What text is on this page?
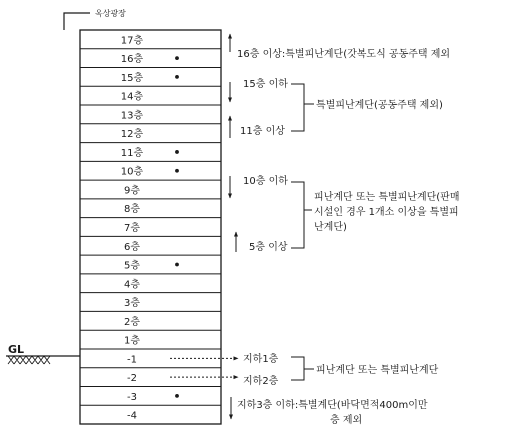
옥상광장
17층
16층
15층
14층
13층
12층
11층
10층
9층
8층
7층
6층
5층
4층
3층
2층
1층
-1
-2
-3
-4
GL
16층 이상:특별피난계단(갓복도식 공동주택 제외
15층 이하
특별피난계단(공동주택 제외)
11층 이상
10층 이하
피난계단 또는 특별피난계단(판매
시설인 경우 1개소 이상을 특별피
난계단)
5층 이상
지하1층
지하2층
피난계단 또는 특별피난계단
지하3층 이하:특별계단(바닥면적400m이만
층 제외
